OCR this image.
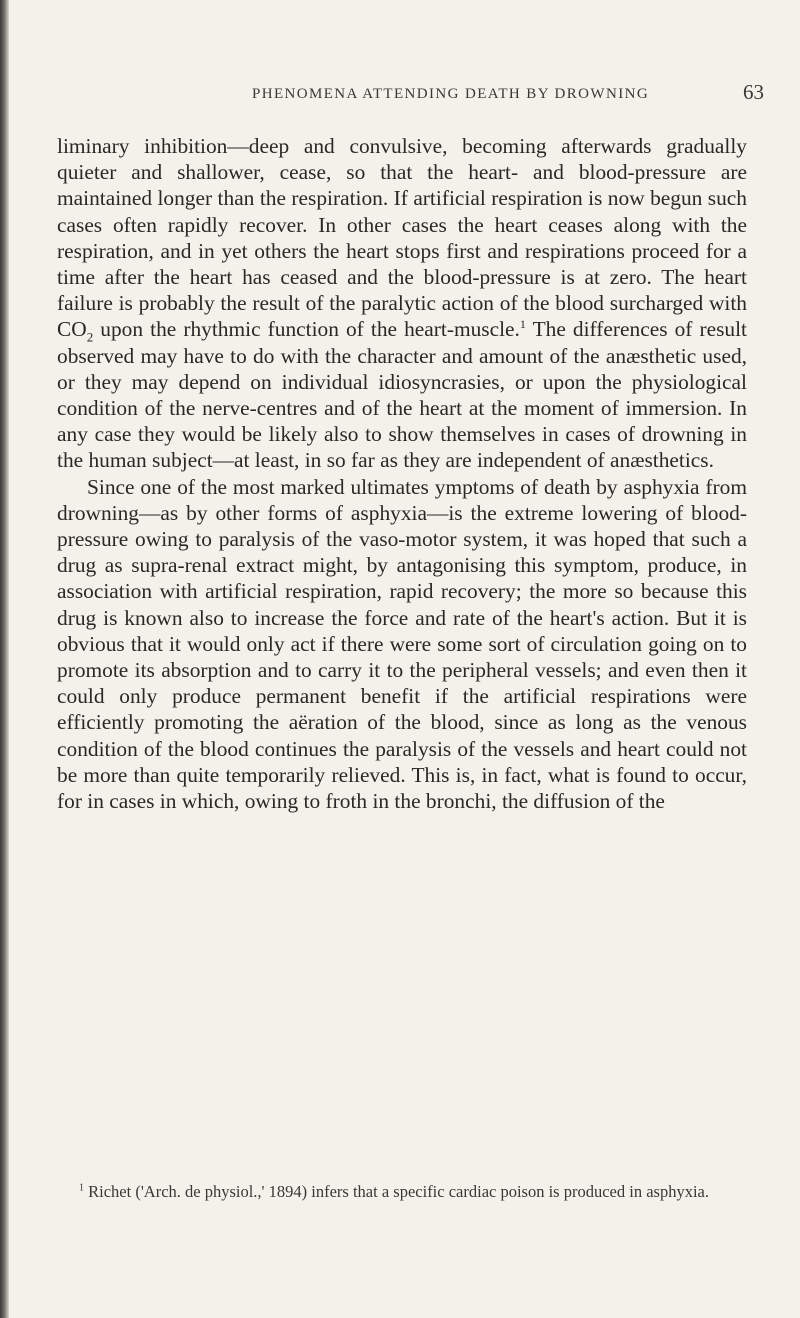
PHENOMENA ATTENDING DEATH BY DROWNING	63

liminary inhibition—deep and convulsive, becoming afterwards gradually quieter and shallower, cease, so that the heart- and blood-pressure are maintained longer than the respiration. If artificial respiration is now begun such cases often rapidly recover. In other cases the heart ceases along with the respiration, and in yet others the heart stops first and respirations proceed for a time after the heart has ceased and the blood-pressure is at zero. The heart failure is probably the result of the paralytic action of the blood surcharged with $CO_2$ upon the rhythmic function of the heart-muscle.$^1$ The differences of result observed may have to do with the character and amount of the anæsthetic used, or they may depend on individual idiosyncrasies, or upon the physiological condition of the nerve-centres and of the heart at the moment of immersion. In any case they would be likely also to show themselves in cases of drowning in the human subject—at least, in so far as they are independent of anæsthetics.

Since one of the most marked ultimates ymptoms of death by asphyxia from drowning—as by other forms of asphyxia—is the extreme lowering of blood-pressure owing to paralysis of the vaso-motor system, it was hoped that such a drug as supra-renal extract might, by antagonising this symptom, produce, in association with artificial respiration, rapid recovery; the more so because this drug is known also to increase the force and rate of the heart's action. But it is obvious that it would only act if there were some sort of circulation going on to promote its absorption and to carry it to the peripheral vessels; and even then it could only produce permanent benefit if the artificial respirations were efficiently promoting the aëration of the blood, since as long as the venous condition of the blood continues the paralysis of the vessels and heart could not be more than quite temporarily relieved. This is, in fact, what is found to occur, for in cases in which, owing to froth in the bronchi, the diffusion of the

$^1$ Richet ('Arch. de physiol.,' 1894) infers that a specific cardiac poison is produced in asphyxia.
